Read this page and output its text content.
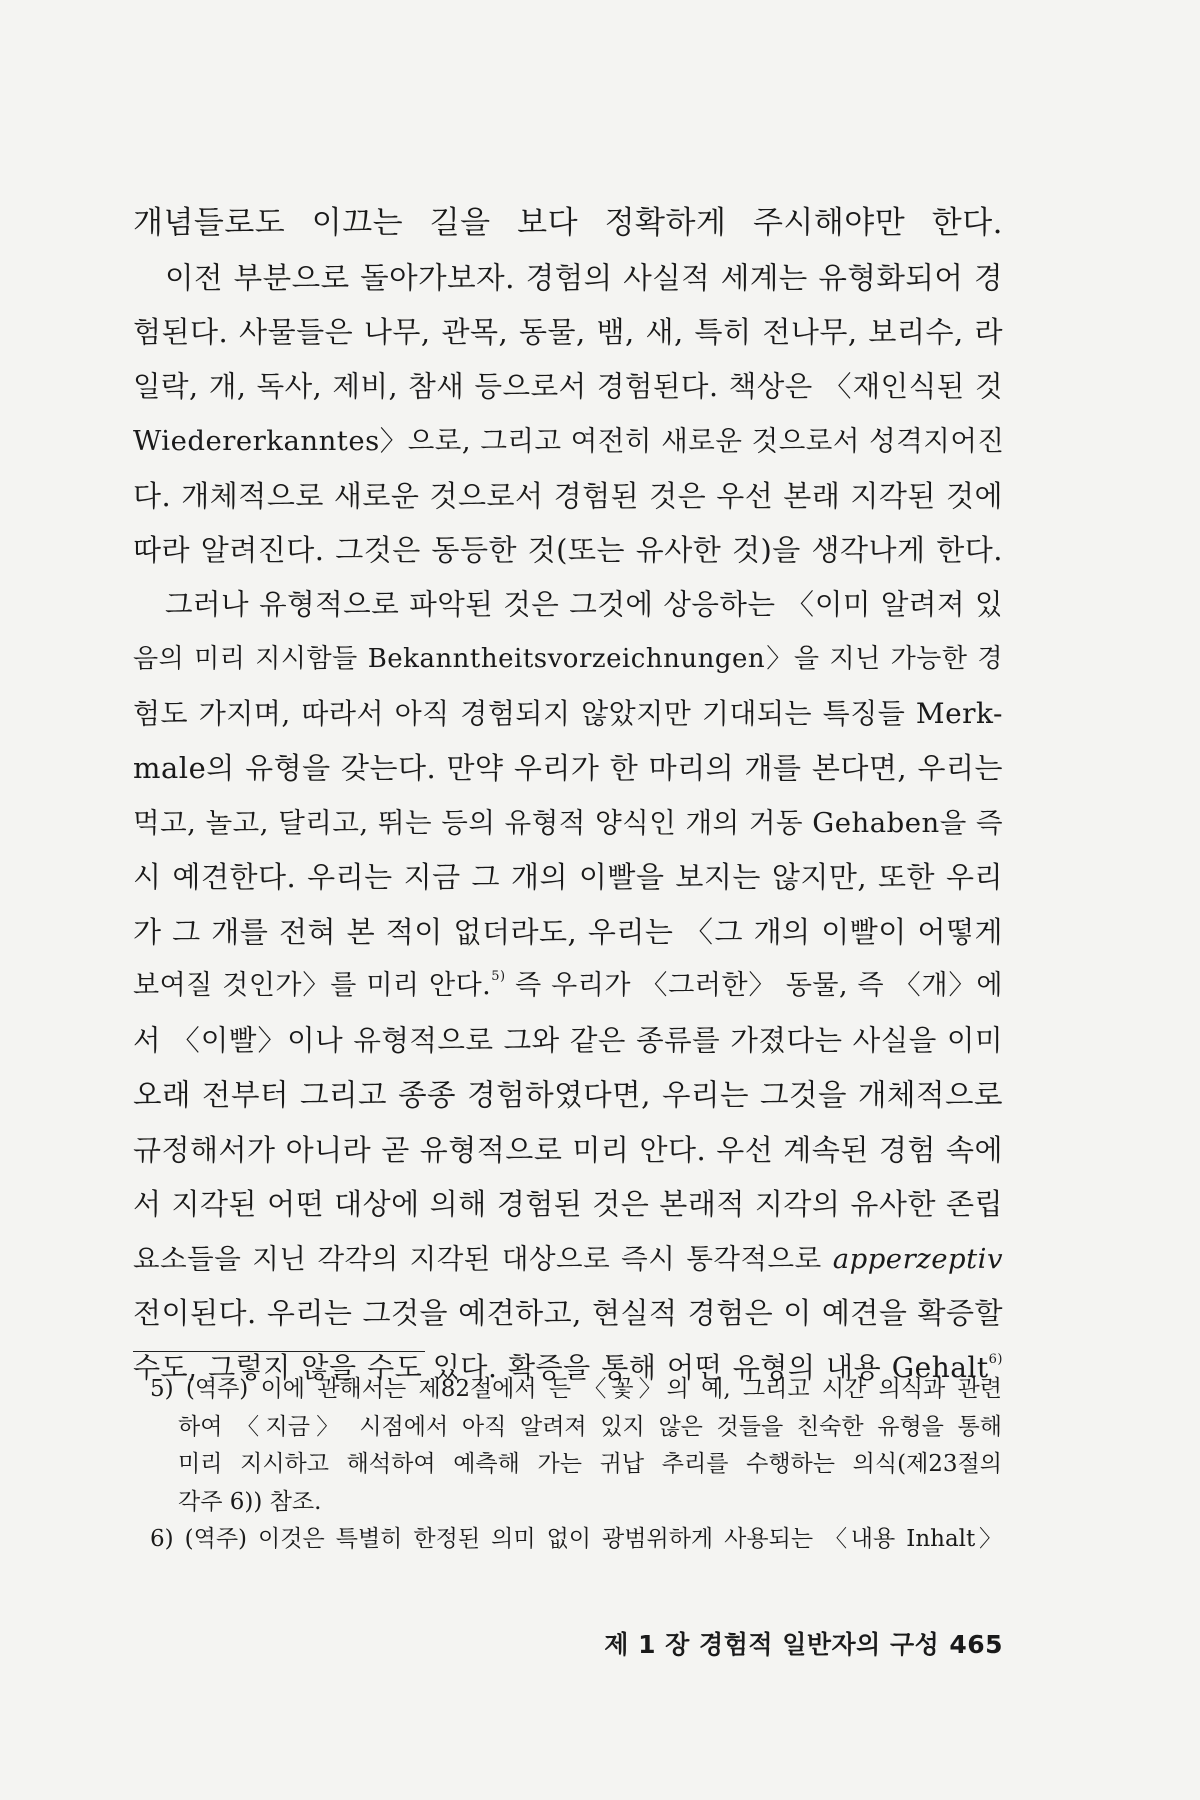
개념들로도 이끄는 길을 보다 정확하게 주시해야만 한다.
이전 부분으로 돌아가보자. 경험의 사실적 세계는 유형화되어 경
험된다. 사물들은 나무, 관목, 동물, 뱀, 새, 특히 전나무, 보리수, 라
일락, 개, 독사, 제비, 참새 등으로서 경험된다. 책상은 〈재인식된 것
Wiedererkanntes〉으로, 그리고 여전히 새로운 것으로서 성격지어진
다. 개체적으로 새로운 것으로서 경험된 것은 우선 본래 지각된 것에
따라 알려진다. 그것은 동등한 것(또는 유사한 것)을 생각나게 한다.
그러나 유형적으로 파악된 것은 그것에 상응하는 〈이미 알려져 있
음의 미리 지시함들 Bekanntheitsvorzeichnungen〉을 지닌 가능한 경
험도 가지며, 따라서 아직 경험되지 않았지만 기대되는 특징들 Merk-
male의 유형을 갖는다. 만약 우리가 한 마리의 개를 본다면, 우리는
먹고, 놀고, 달리고, 뛰는 등의 유형적 양식인 개의 거동 Gehaben을 즉
시 예견한다. 우리는 지금 그 개의 이빨을 보지는 않지만, 또한 우리
가 그 개를 전혀 본 적이 없더라도, 우리는 〈그 개의 이빨이 어떻게
보여질 것인가〉를 미리 안다.$^{5)}$ 즉 우리가 〈그러한〉 동물, 즉 〈개〉에
서 〈이빨〉이나 유형적으로 그와 같은 종류를 가졌다는 사실을 이미
오래 전부터 그리고 종종 경험하였다면, 우리는 그것을 개체적으로
규정해서가 아니라 곧 유형적으로 미리 안다. 우선 계속된 경험 속에
서 지각된 어떤 대상에 의해 경험된 것은 본래적 지각의 유사한 존립
요소들을 지닌 각각의 지각된 대상으로 즉시 통각적으로 apperzeptiv
전이된다. 우리는 그것을 예견하고, 현실적 경험은 이 예견을 확증할
수도, 그렇지 않을 수도 있다. 확증을 통해 어떤 유형의 내용 Gehalt$^{6)}$
5) (역주) 이에 관해서는 제82절에서 든 〈꽃〉의 예, 그리고 시간 의식과 관련
하여 〈지금〉 시점에서 아직 알려져 있지 않은 것들을 친숙한 유형을 통해
미리 지시하고 해석하여 예측해 가는 귀납 추리를 수행하는 의식(제23절의
각주 6)) 참조.
6) (역주) 이것은 특별히 한정된 의미 없이 광범위하게 사용되는 〈내용 Inhalt〉
제 1 장 경험적 일반자의 구성 465
